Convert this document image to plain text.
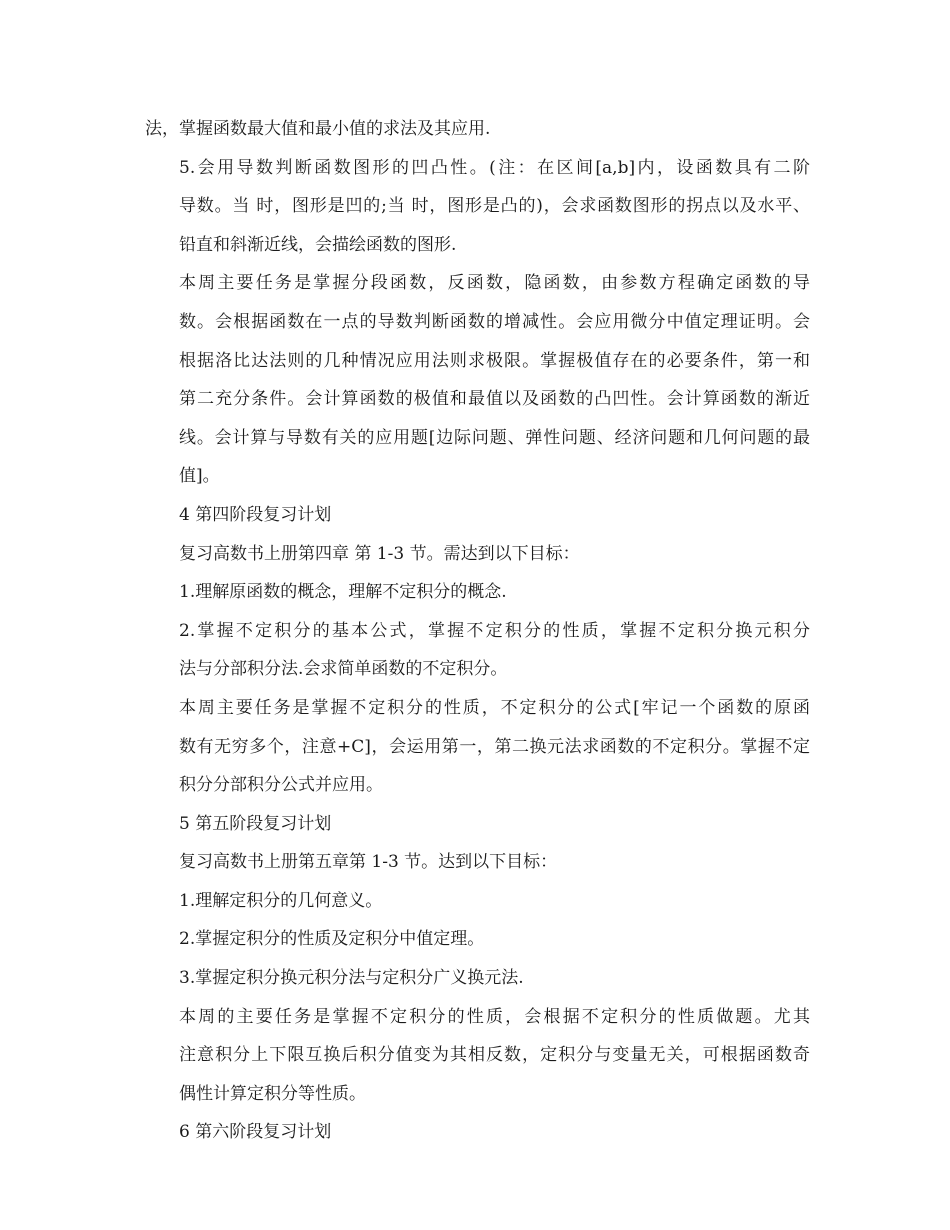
法，掌握函数最大值和最小值的求法及其应用.
5.会用导数判断函数图形的凹凸性。(注：在区间[a,b]内，设函数具有二阶
导数。当 时，图形是凹的;当 时，图形是凸的)，会求函数图形的拐点以及水平、
铅直和斜渐近线，会描绘函数的图形.
本周主要任务是掌握分段函数，反函数，隐函数，由参数方程确定函数的导
数。会根据函数在一点的导数判断函数的增减性。会应用微分中值定理证明。会
根据洛比达法则的几种情况应用法则求极限。掌握极值存在的必要条件，第一和
第二充分条件。会计算函数的极值和最值以及函数的凸凹性。会计算函数的渐近
线。会计算与导数有关的应用题[边际问题、弹性问题、经济问题和几何问题的最
值]。
4 第四阶段复习计划
复习高数书上册第四章 第 1-3 节。需达到以下目标：
1.理解原函数的概念，理解不定积分的概念.
2.掌握不定积分的基本公式，掌握不定积分的性质，掌握不定积分换元积分
法与分部积分法.会求简单函数的不定积分。
本周主要任务是掌握不定积分的性质，不定积分的公式[牢记一个函数的原函
数有无穷多个，注意+C]，会运用第一，第二换元法求函数的不定积分。掌握不定
积分分部积分公式并应用。
5 第五阶段复习计划
复习高数书上册第五章第 1-3 节。达到以下目标：
1.理解定积分的几何意义。
2.掌握定积分的性质及定积分中值定理。
3.掌握定积分换元积分法与定积分广义换元法.
本周的主要任务是掌握不定积分的性质，会根据不定积分的性质做题。尤其
注意积分上下限互换后积分值变为其相反数，定积分与变量无关，可根据函数奇
偶性计算定积分等性质。
6 第六阶段复习计划
